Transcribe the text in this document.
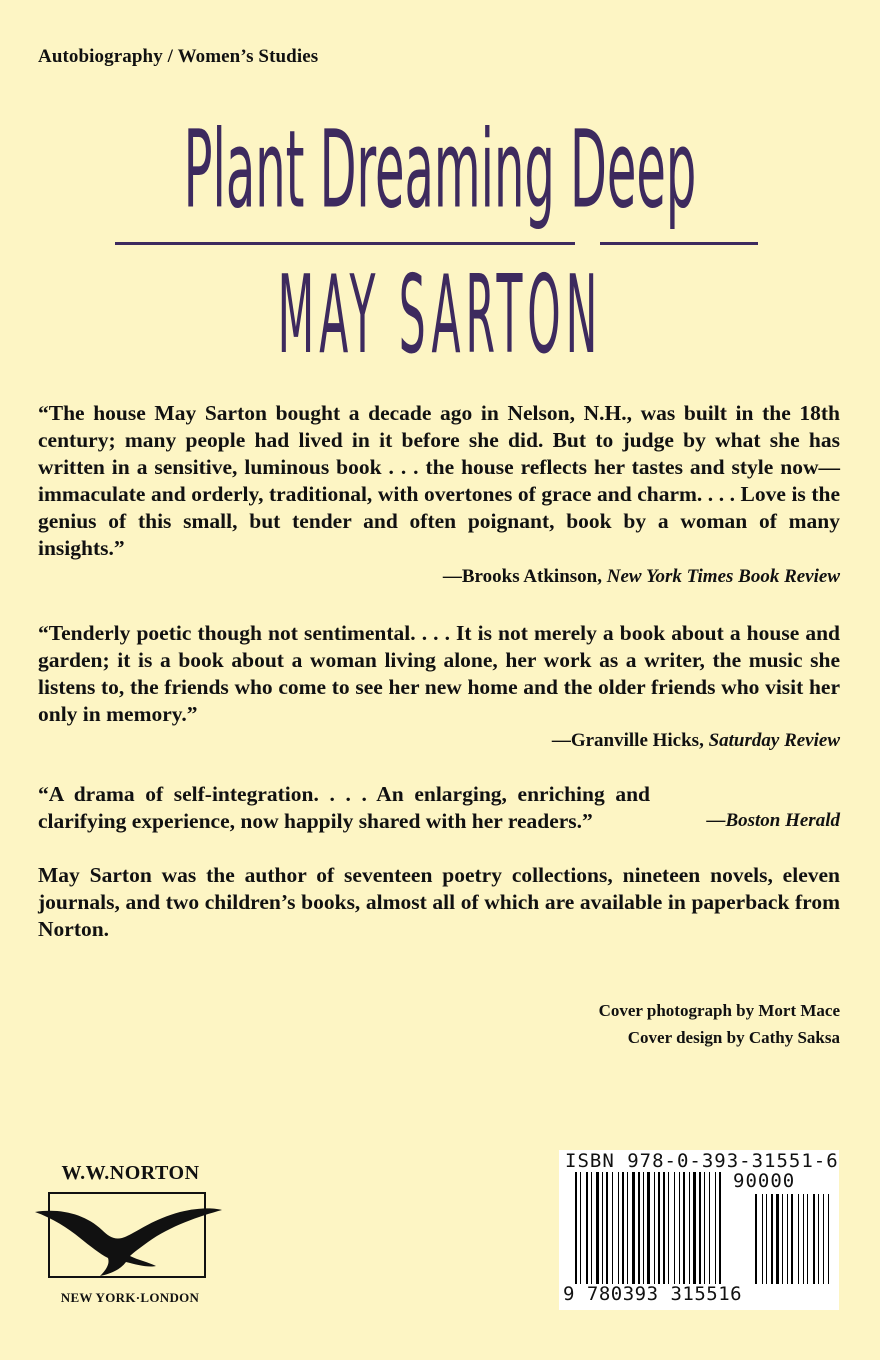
Autobiography / Women’s Studies
Plant Dreaming Deep
MAY SARTON
“The house May Sarton bought a decade ago in Nelson, N.H., was built in the 18th century; many people had lived in it before she did. But to judge by what she has written in a sensitive, luminous book . . . the house reflects her tastes and style now—immaculate and orderly, traditional, with overtones of grace and charm. . . . Love is the genius of this small, but tender and often poignant, book by a woman of many insights.”
—Brooks Atkinson, New York Times Book Review
“Tenderly poetic though not sentimental. . . . It is not merely a book about a house and garden; it is a book about a woman living alone, her work as a writer, the music she listens to, the friends who come to see her new home and the older friends who visit her only in memory.”
—Granville Hicks, Saturday Review
“A drama of self-integration. . . . An enlarging, enriching and clarifying experience, now happily shared with her readers.”	—Boston Herald
May Sarton was the author of seventeen poetry collections, nineteen novels, eleven journals, and two children’s books, almost all of which are available in paperback from Norton.
Cover photograph by Mort Mace
Cover design by Cathy Saksa
W.W.NORTON
NEW YORK·LONDON
ISBN 978-0-393-31551-6
90000
9 780393 315516
